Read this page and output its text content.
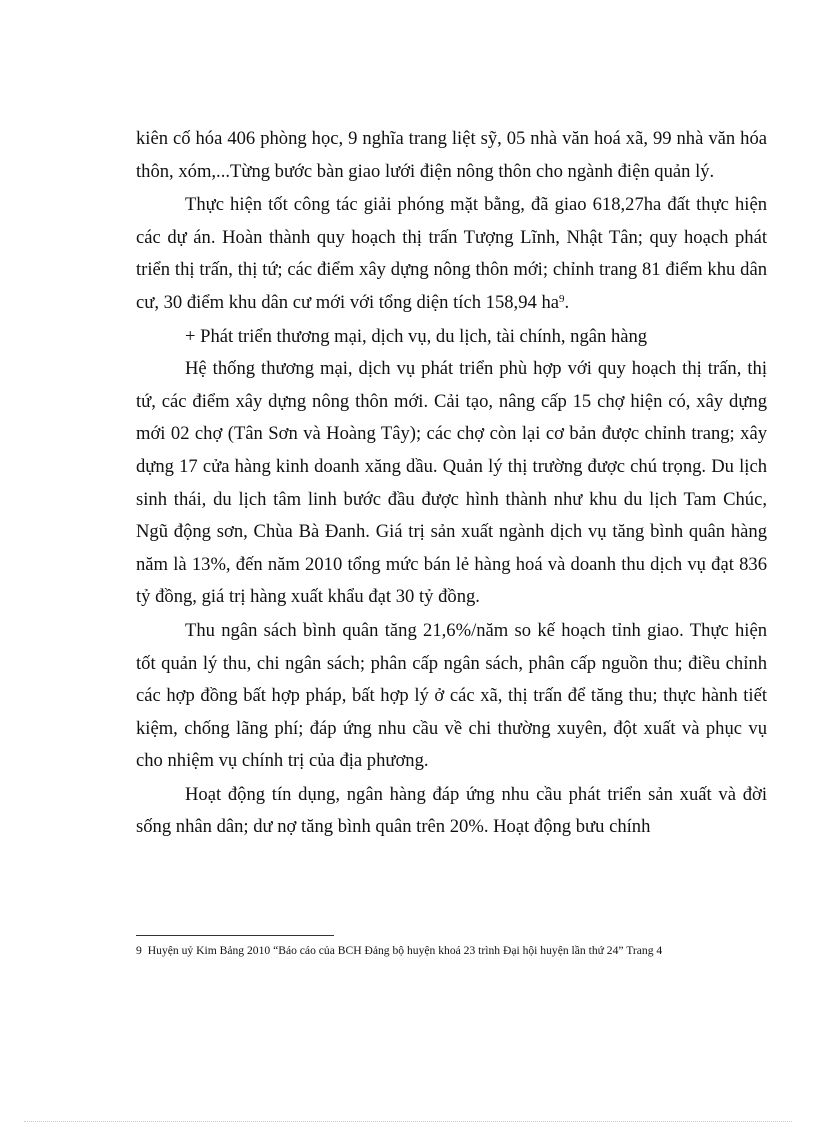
kiên cố hóa 406 phòng học, 9 nghĩa trang liệt sỹ, 05 nhà văn hoá xã, 99 nhà văn hóa thôn, xóm,...Từng bước bàn giao lưới điện nông thôn cho ngành điện quản lý.

Thực hiện tốt công tác giải phóng mặt bằng, đã giao 618,27ha đất thực hiện các dự án. Hoàn thành quy hoạch thị trấn Tượng Lĩnh, Nhật Tân; quy hoạch phát triển thị trấn, thị tứ; các điểm xây dựng nông thôn mới; chỉnh trang 81 điểm khu dân cư, 30 điểm khu dân cư mới với tổng diện tích 158,94 $ha^9$.

+ Phát triển thương mại, dịch vụ, du lịch, tài chính, ngân hàng

Hệ thống thương mại, dịch vụ phát triển phù hợp với quy hoạch thị trấn, thị tứ, các điểm xây dựng nông thôn mới. Cải tạo, nâng cấp 15 chợ hiện có, xây dựng mới 02 chợ (Tân Sơn và Hoàng Tây); các chợ còn lại cơ bản được chỉnh trang; xây dựng 17 cửa hàng kinh doanh xăng dầu. Quản lý thị trường được chú trọng. Du lịch sinh thái, du lịch tâm linh bước đầu được hình thành như khu du lịch Tam Chúc, Ngũ động sơn, Chùa Bà Đanh. Giá trị sản xuất ngành dịch vụ tăng bình quân hàng năm là 13%, đến năm 2010 tổng mức bán lẻ hàng hoá và doanh thu dịch vụ đạt 836 tỷ đồng, giá trị hàng xuất khẩu đạt 30 tỷ đồng.

Thu ngân sách bình quân tăng 21,6%/năm so kế hoạch tỉnh giao. Thực hiện tốt quản lý thu, chi ngân sách; phân cấp ngân sách, phân cấp nguồn thu; điều chỉnh các hợp đồng bất hợp pháp, bất hợp lý ở các xã, thị trấn để tăng thu; thực hành tiết kiệm, chống lãng phí; đáp ứng nhu cầu về chi thường xuyên, đột xuất và phục vụ cho nhiệm vụ chính trị của địa phương.

Hoạt động tín dụng, ngân hàng đáp ứng nhu cầu phát triển sản xuất và đời sống nhân dân; dư nợ tăng bình quân trên 20%. Hoạt động bưu chính

9 Huyện uỷ Kim Bảng 2010 “Báo cáo của BCH Đảng bộ huyện khoá 23 trình Đại hội huyện lần thứ 24” Trang 4
